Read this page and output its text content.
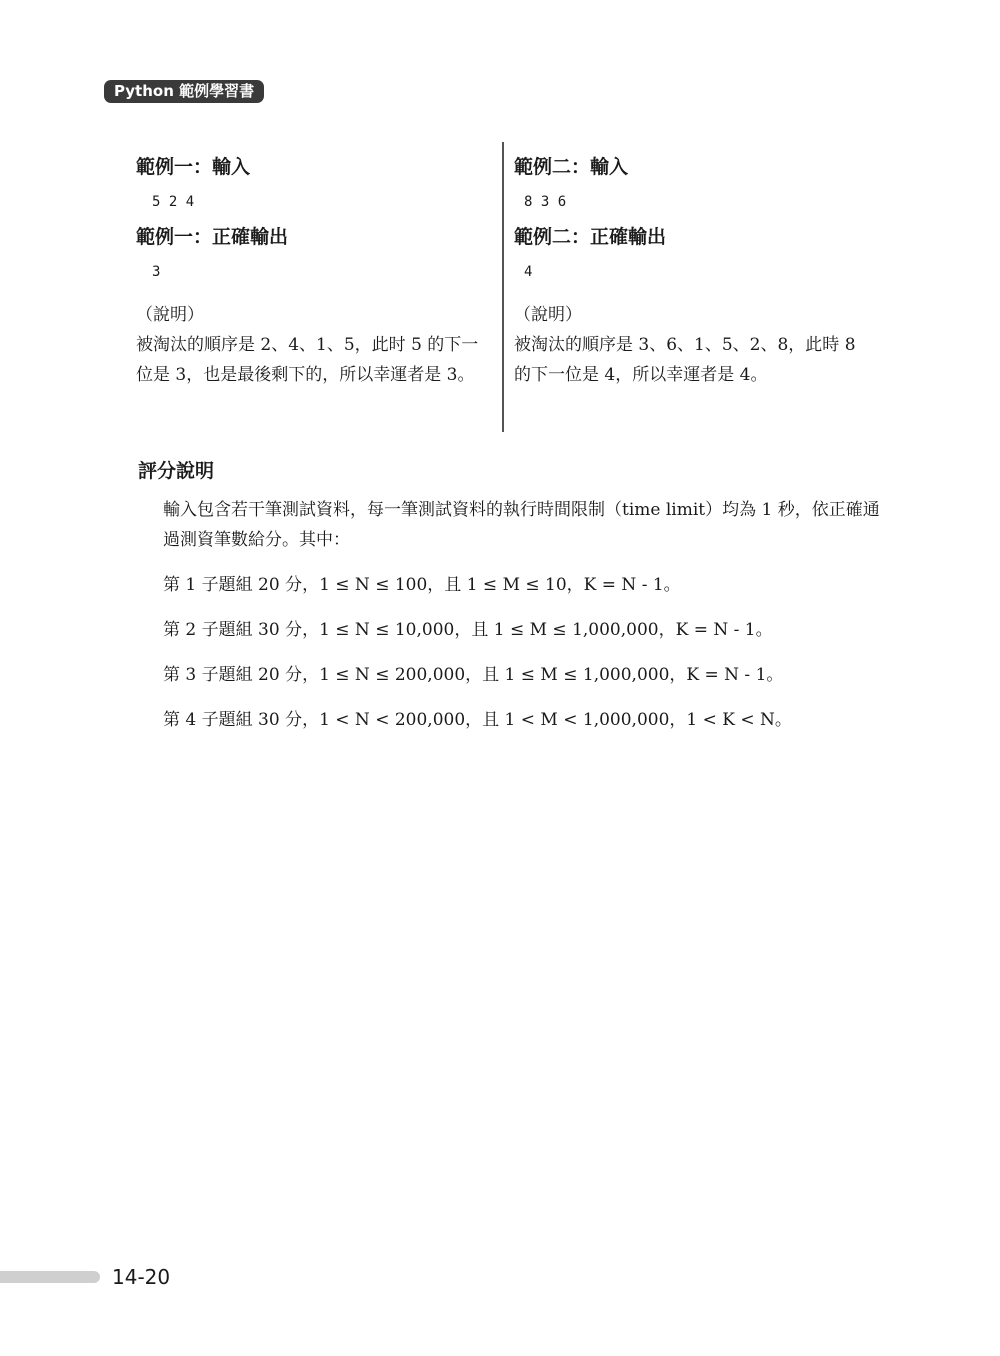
Python 範例學習書
範例一：輸入
5 2 4
範例一：正確輸出
3
（說明）

被淘汰的順序是 2、4、1、5，此时 5 的下一位是 3，也是最後剩下的，所以幸運者是 3。

範例二：輸入
8 3 6
範例二：正確輸出
4
（說明）

被淘汰的順序是 3、6、1、5、2、8，此時 8 的下一位是 4，所以幸運者是 4。

評分說明

輸入包含若干筆測試資料，每一筆測試資料的執行時間限制（time limit）均為 1 秒，依正確通過測資筆數給分。其中：

第 1 子題組 20 分，1 ≤ N ≤ 100，且 1 ≤ M ≤ 10，K = N - 1。
第 2 子題組 30 分，1 ≤ N ≤ 10,000，且 1 ≤ M ≤ 1,000,000，K = N - 1。
第 3 子題組 20 分，1 ≤ N ≤ 200,000，且 1 ≤ M ≤ 1,000,000，K = N - 1。
第 4 子題組 30 分，1 < N < 200,000，且 1 < M < 1,000,000，1 < K < N。
14-20
